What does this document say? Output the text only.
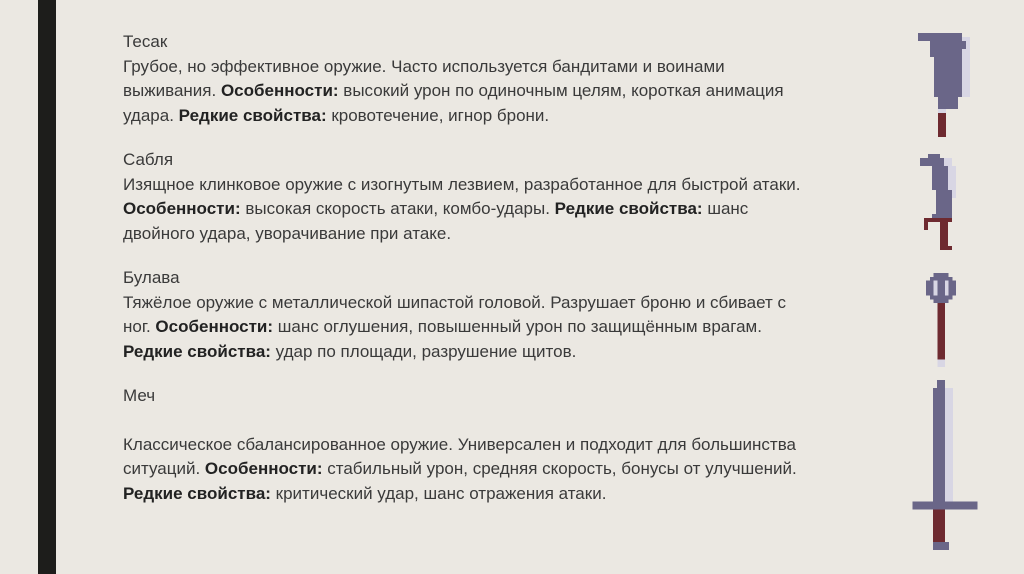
Тесак
Грубое, но эффективное оружие. Часто используется бандитами и воинами
выживания. Особенности: высокий урон по одиночным целям, короткая анимация
удара. Редкие свойства: кровотечение, игнор брони.
Сабля
Изящное клинковое оружие с изогнутым лезвием, разработанное для быстрой атаки.
Особенности: высокая скорость атаки, комбо-удары. Редкие свойства: шанс
двойного удара, уворачивание при атаке.
Булава
Тяжёлое оружие с металлической шипастой головой. Разрушает броню и сбивает с
ног. Особенности: шанс оглушения, повышенный урон по защищённым врагам.
Редкие свойства: удар по площади, разрушение щитов.
Меч
Классическое сбалансированное оружие. Универсален и подходит для большинства
ситуаций. Особенности: стабильный урон, средняя скорость, бонусы от улучшений.
Редкие свойства: критический удар, шанс отражения атаки.
